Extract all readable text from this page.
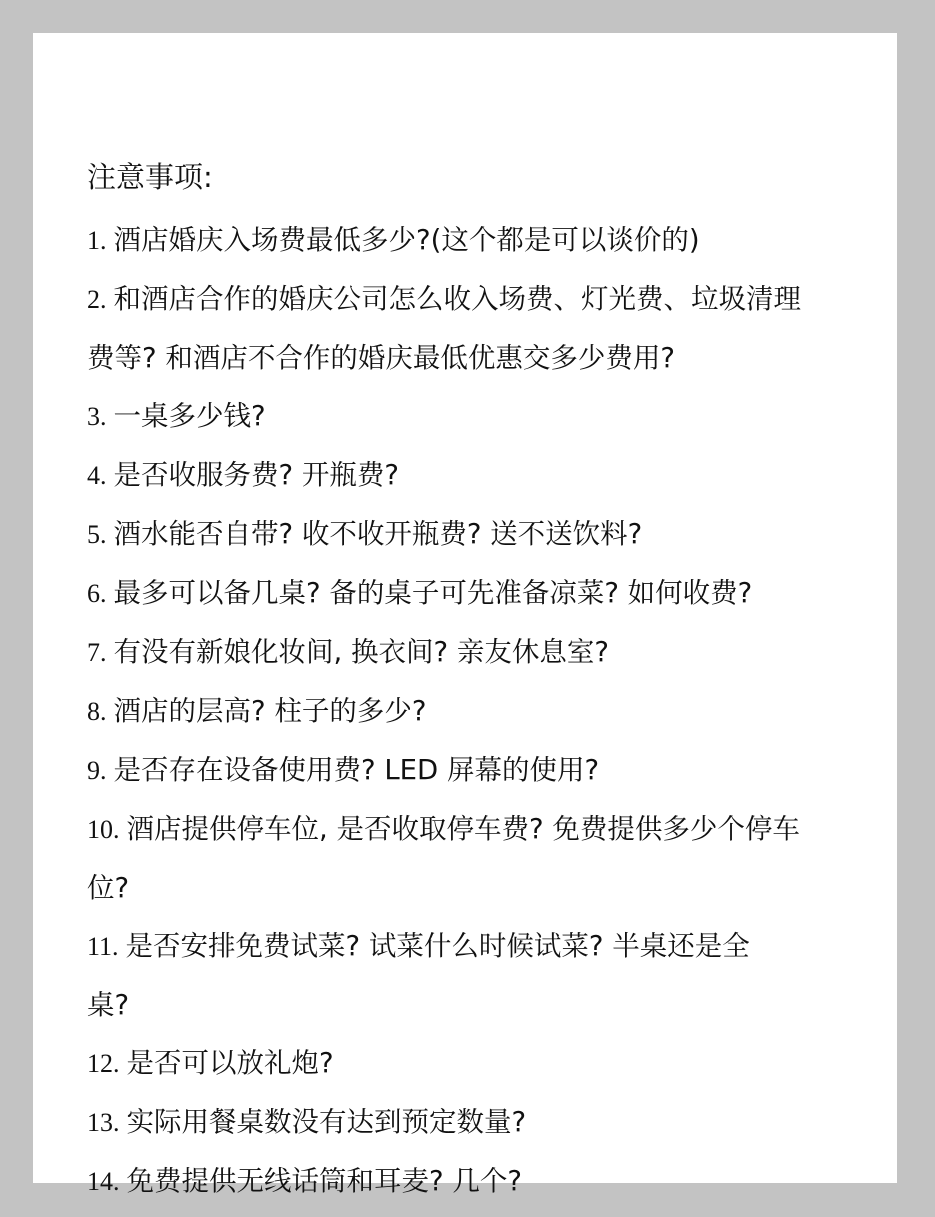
注意事项:
1. 酒店婚庆入场费最低多少?(这个都是可以谈价的)
2. 和酒店合作的婚庆公司怎么收入场费、灯光费、垃圾清理
费等? 和酒店不合作的婚庆最低优惠交多少费用?
3. 一桌多少钱?
4. 是否收服务费? 开瓶费?
5. 酒水能否自带? 收不收开瓶费? 送不送饮料?
6. 最多可以备几桌? 备的桌子可先准备凉菜? 如何收费?
7. 有没有新娘化妆间, 换衣间? 亲友休息室?
8. 酒店的层高? 柱子的多少?
9. 是否存在设备使用费? LED 屏幕的使用?
10. 酒店提供停车位, 是否收取停车费? 免费提供多少个停车
位?
11. 是否安排免费试菜? 试菜什么时候试菜? 半桌还是全
桌?
12. 是否可以放礼炮?
13. 实际用餐桌数没有达到预定数量?
14. 免费提供无线话筒和耳麦? 几个?
